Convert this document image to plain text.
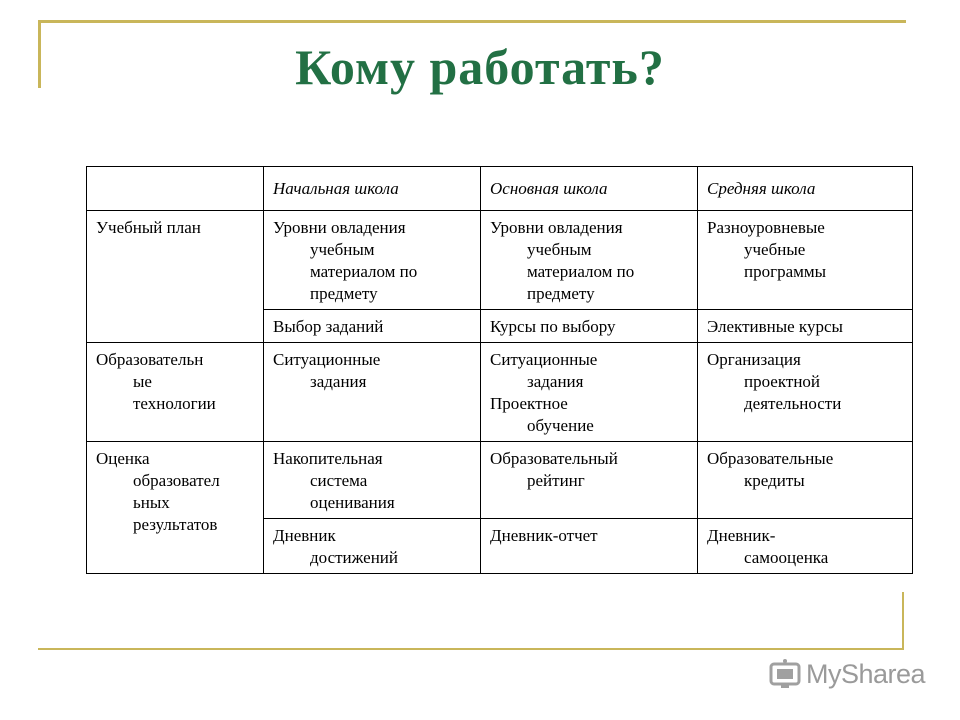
Кому работать?
	Начальная школа	Основная школа	Средняя школа

Учебный план	Уровни овладения
учебным
материалом по
предмету	Уровни овладения
учебным
материалом по
предмету	Разноуровневые
учебные
программы

	Выбор заданий	Курсы по выбору	Элективные курсы

Образовательн
ые
технологии	Ситуационные
задания	Ситуационные
задания
Проектное
обучение	Организация
проектной
деятельности

Оценка
образовател
ьных
результатов	Накопительная
система
оценивания	Образовательный
рейтинг	Образовательные
кредиты

	Дневник
достижений	Дневник-отчет	Дневник-
самооценка
MySharea
